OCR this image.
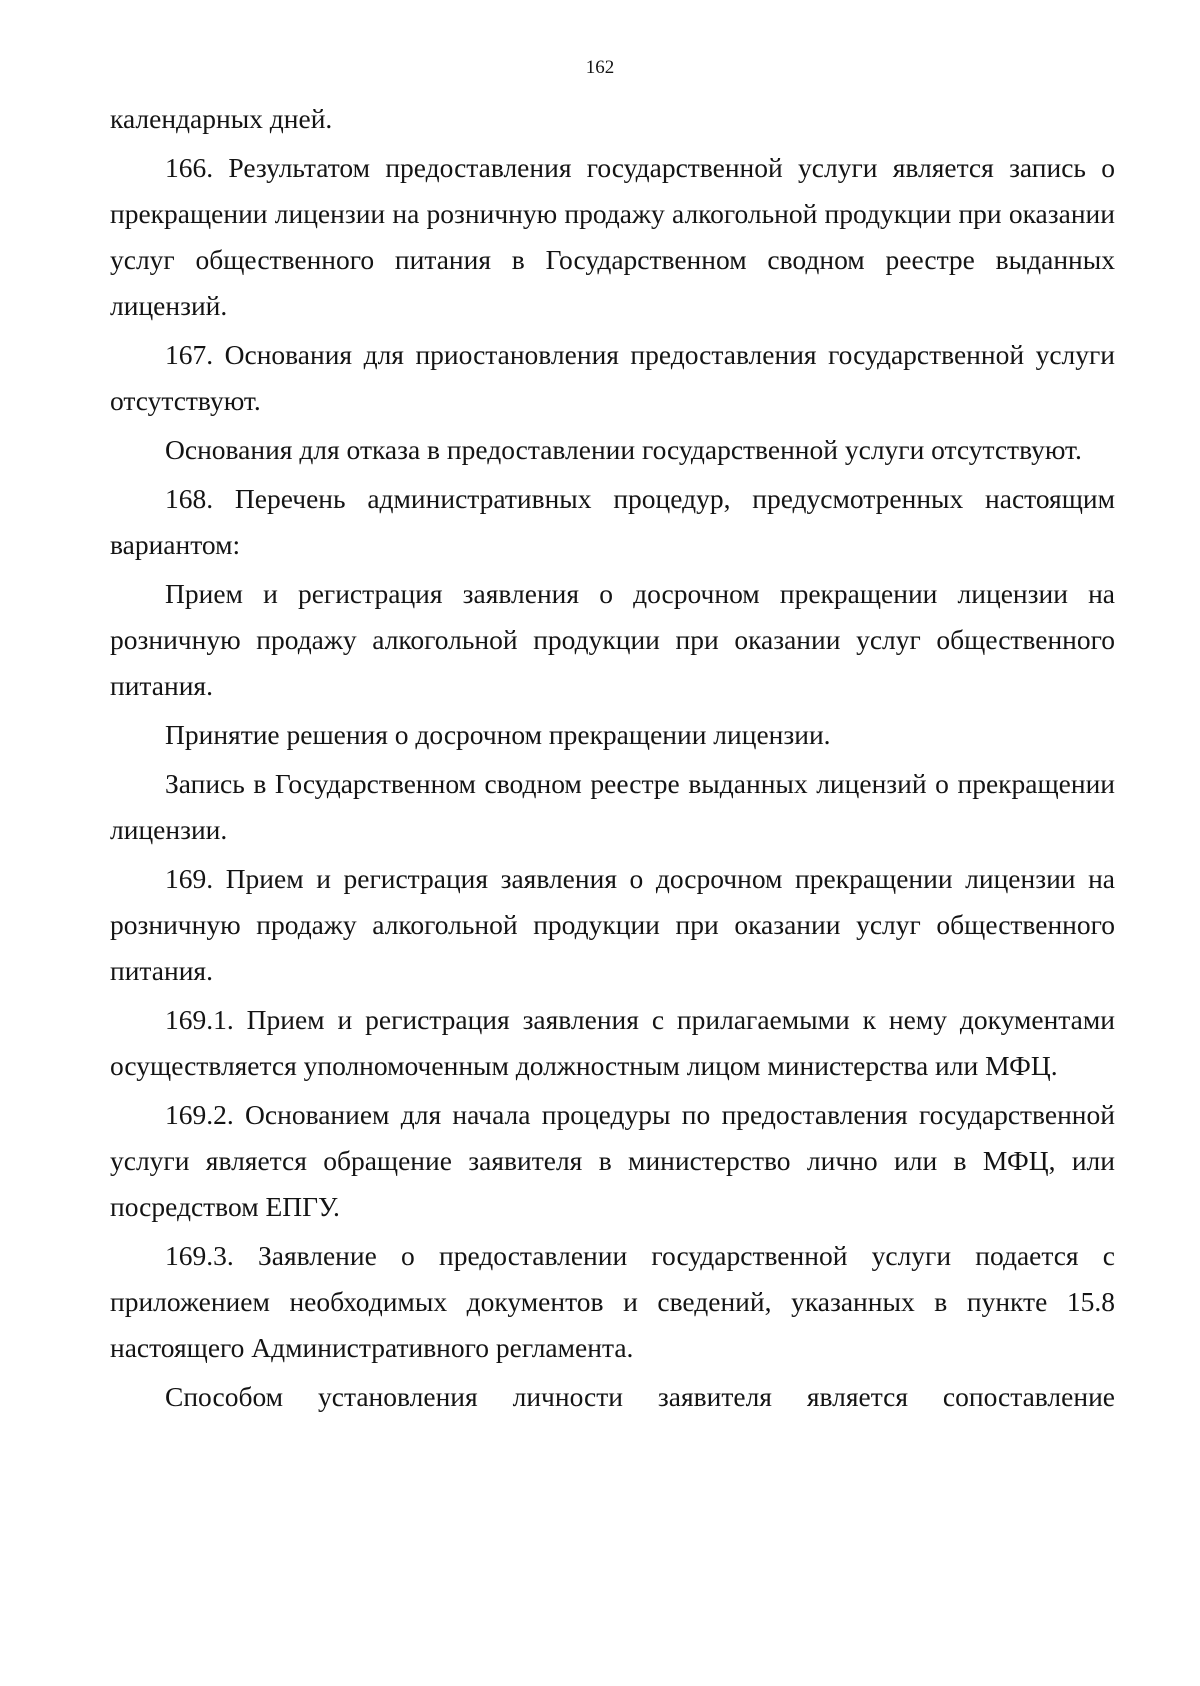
162

календарных дней.

166. Результатом предоставления государственной услуги является запись о прекращении лицензии на розничную продажу алкогольной продукции при оказании услуг общественного питания в Государственном сводном реестре выданных лицензий.

167. Основания для приостановления предоставления государственной услуги отсутствуют.

Основания для отказа в предоставлении государственной услуги отсутствуют.

168. Перечень административных процедур, предусмотренных настоящим вариантом:

Прием и регистрация заявления о досрочном прекращении лицензии на розничную продажу алкогольной продукции при оказании услуг общественного питания.

Принятие решения о досрочном прекращении лицензии.

Запись в Государственном сводном реестре выданных лицензий о прекращении лицензии.

169. Прием и регистрация заявления о досрочном прекращении лицензии на розничную продажу алкогольной продукции при оказании услуг общественного питания.

169.1. Прием и регистрация заявления с прилагаемыми к нему документами осуществляется уполномоченным должностным лицом министерства или МФЦ.

169.2. Основанием для начала процедуры по предоставления государственной услуги является обращение заявителя в министерство лично или в МФЦ, или посредством ЕПГУ.

169.3. Заявление о предоставлении государственной услуги подается с приложением необходимых документов и сведений, указанных в пункте 15.8 настоящего Административного регламента.

Способом установления личности заявителя является сопоставление
